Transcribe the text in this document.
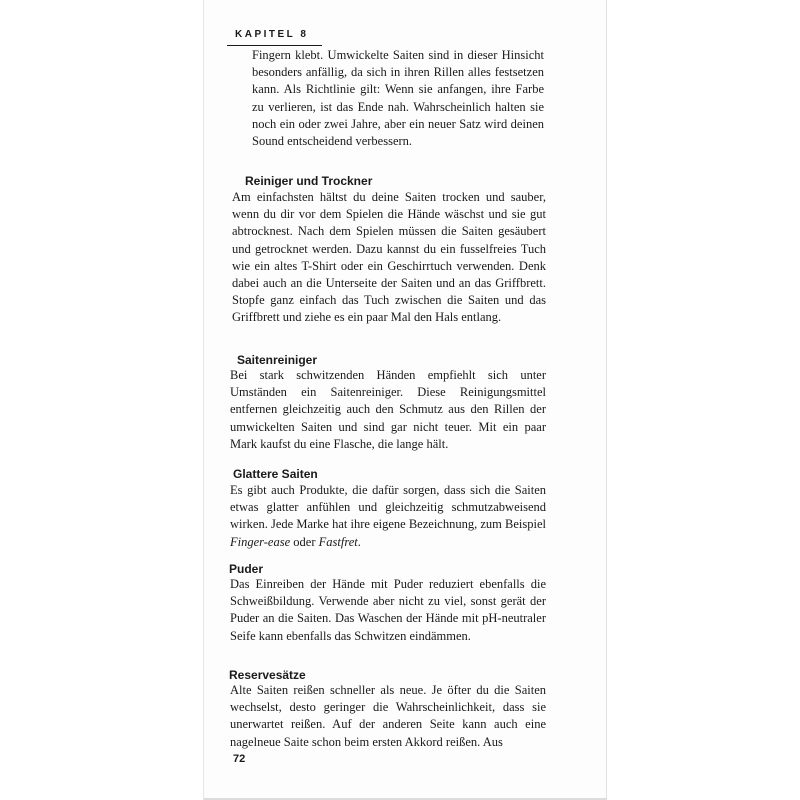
KAPITEL 8

Fingern klebt. Umwickelte Saiten sind in dieser Hinsicht besonders anfällig, da sich in ihren Rillen alles festsetzen kann. Als Richtlinie gilt: Wenn sie anfangen, ihre Farbe zu verlieren, ist das Ende nah. Wahrscheinlich halten sie noch ein oder zwei Jahre, aber ein neuer Satz wird deinen Sound entscheidend verbessern.

Reiniger und Trockner

Am einfachsten hältst du deine Saiten trocken und sauber, wenn du dir vor dem Spielen die Hände wäschst und sie gut abtrocknest. Nach dem Spielen müssen die Saiten gesäubert und getrocknet werden. Dazu kannst du ein fusselfreies Tuch wie ein altes T-Shirt oder ein Geschirrtuch verwenden. Denk dabei auch an die Unterseite der Saiten und an das Griffbrett. Stopfe ganz einfach das Tuch zwischen die Saiten und das Griffbrett und ziehe es ein paar Mal den Hals entlang.

Saitenreiniger

Bei stark schwitzenden Händen empfiehlt sich unter Umständen ein Saitenreiniger. Diese Reinigungsmittel entfernen gleichzeitig auch den Schmutz aus den Rillen der umwickelten Saiten und sind gar nicht teuer. Mit ein paar Mark kaufst du eine Flasche, die lange hält.

Glattere Saiten

Es gibt auch Produkte, die dafür sorgen, dass sich die Saiten etwas glatter anfühlen und gleichzeitig schmutzabweisend wirken. Jede Marke hat ihre eigene Bezeichnung, zum Beispiel Finger-ease oder Fastfret.

Puder

Das Einreiben der Hände mit Puder reduziert ebenfalls die Schweißbildung. Verwende aber nicht zu viel, sonst gerät der Puder an die Saiten. Das Waschen der Hände mit pH-neutraler Seife kann ebenfalls das Schwitzen eindämmen.

Reservesätze

Alte Saiten reißen schneller als neue. Je öfter du die Saiten wechselst, desto geringer die Wahrscheinlichkeit, dass sie unerwartet reißen. Auf der anderen Seite kann auch eine nagelneue Saite schon beim ersten Akkord reißen. Aus

72
